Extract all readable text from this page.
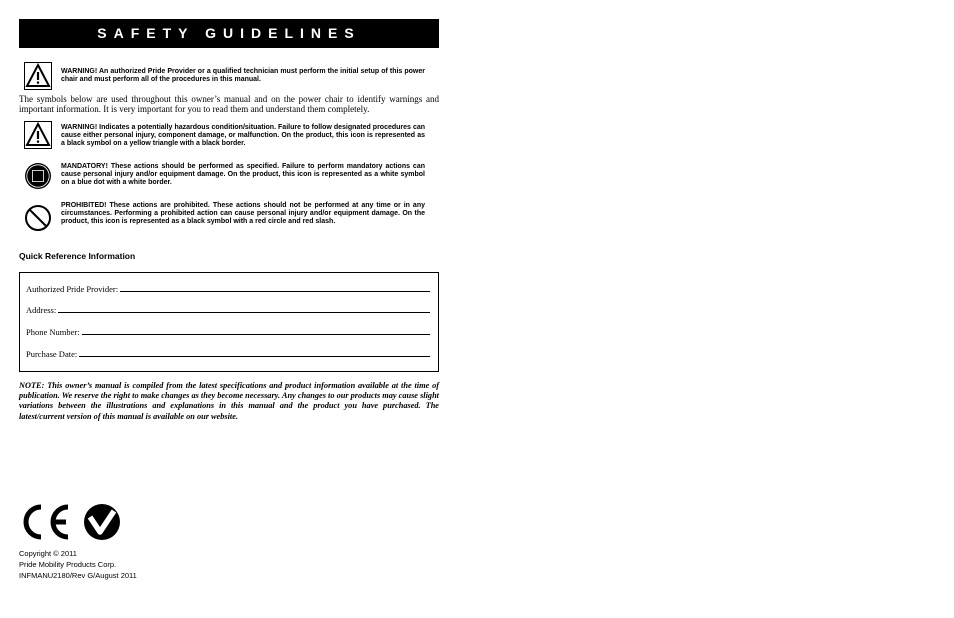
SAFETY GUIDELINES
WARNING! An authorized Pride Provider or a qualified technician must perform the initial setup of this power chair and must perform all of the procedures in this manual.
The symbols below are used throughout this owner’s manual and on the power chair to identify warnings and important information. It is very important for you to read them and understand them completely.
WARNING! Indicates a potentially hazardous condition/situation. Failure to follow designated procedures can cause either personal injury, component damage, or malfunction. On the product, this icon is represented as a black symbol on a yellow triangle with a black border.
MANDATORY! These actions should be performed as specified. Failure to perform mandatory actions can cause personal injury and/or equipment damage. On the product, this icon is represented as a white symbol on a blue dot with a white border.
PROHIBITED! These actions are prohibited. These actions should not be performed at any time or in any circumstances. Performing a prohibited action can cause personal injury and/or equipment damage. On the product, this icon is represented as a black symbol with a red circle and red slash.
Quick Reference Information
Authorized Pride Provider:
Address:
Phone Number:
Purchase Date:
NOTE: This owner’s manual is compiled from the latest specifications and product information available at the time of publication. We reserve the right to make changes as they become necessary. Any changes to our products may cause slight variations between the illustrations and explanations in this manual and the product you have purchased. The latest/current version of this manual is available on our website.
Copyright © 2011
Pride Mobility Products Corp.
INFMANU2180/Rev G/August 2011
